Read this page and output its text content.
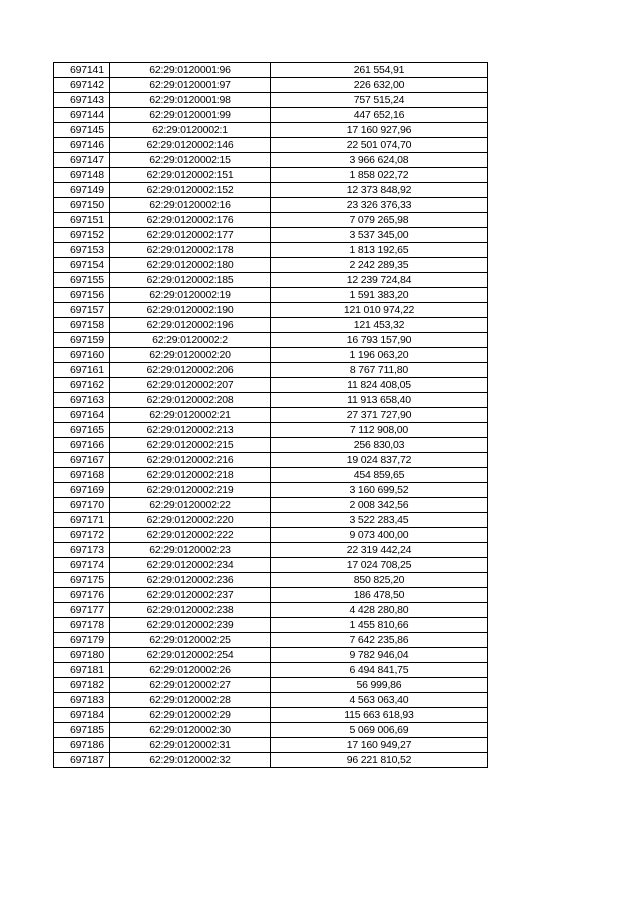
697141	62:29:0120001:96	261 554,91
697142	62:29:0120001:97	226 632,00
697143	62:29:0120001:98	757 515,24
697144	62:29:0120001:99	447 652,16
697145	62:29:0120002:1	17 160 927,96
697146	62:29:0120002:146	22 501 074,70
697147	62:29:0120002:15	3 966 624,08
697148	62:29:0120002:151	1 858 022,72
697149	62:29:0120002:152	12 373 848,92
697150	62:29:0120002:16	23 326 376,33
697151	62:29:0120002:176	7 079 265,98
697152	62:29:0120002:177	3 537 345,00
697153	62:29:0120002:178	1 813 192,65
697154	62:29:0120002:180	2 242 289,35
697155	62:29:0120002:185	12 239 724,84
697156	62:29:0120002:19	1 591 383,20
697157	62:29:0120002:190	121 010 974,22
697158	62:29:0120002:196	121 453,32
697159	62:29:0120002:2	16 793 157,90
697160	62:29:0120002:20	1 196 063,20
697161	62:29:0120002:206	8 767 711,80
697162	62:29:0120002:207	11 824 408,05
697163	62:29:0120002:208	11 913 658,40
697164	62:29:0120002:21	27 371 727,90
697165	62:29:0120002:213	7 112 908,00
697166	62:29:0120002:215	256 830,03
697167	62:29:0120002:216	19 024 837,72
697168	62:29:0120002:218	454 859,65
697169	62:29:0120002:219	3 160 699,52
697170	62:29:0120002:22	2 008 342,56
697171	62:29:0120002:220	3 522 283,45
697172	62:29:0120002:222	9 073 400,00
697173	62:29:0120002:23	22 319 442,24
697174	62:29:0120002:234	17 024 708,25
697175	62:29:0120002:236	850 825,20
697176	62:29:0120002:237	186 478,50
697177	62:29:0120002:238	4 428 280,80
697178	62:29:0120002:239	1 455 810,66
697179	62:29:0120002:25	7 642 235,86
697180	62:29:0120002:254	9 782 946,04
697181	62:29:0120002:26	6 494 841,75
697182	62:29:0120002:27	56 999,86
697183	62:29:0120002:28	4 563 063,40
697184	62:29:0120002:29	115 663 618,93
697185	62:29:0120002:30	5 069 006,69
697186	62:29:0120002:31	17 160 949,27
697187	62:29:0120002:32	96 221 810,52
